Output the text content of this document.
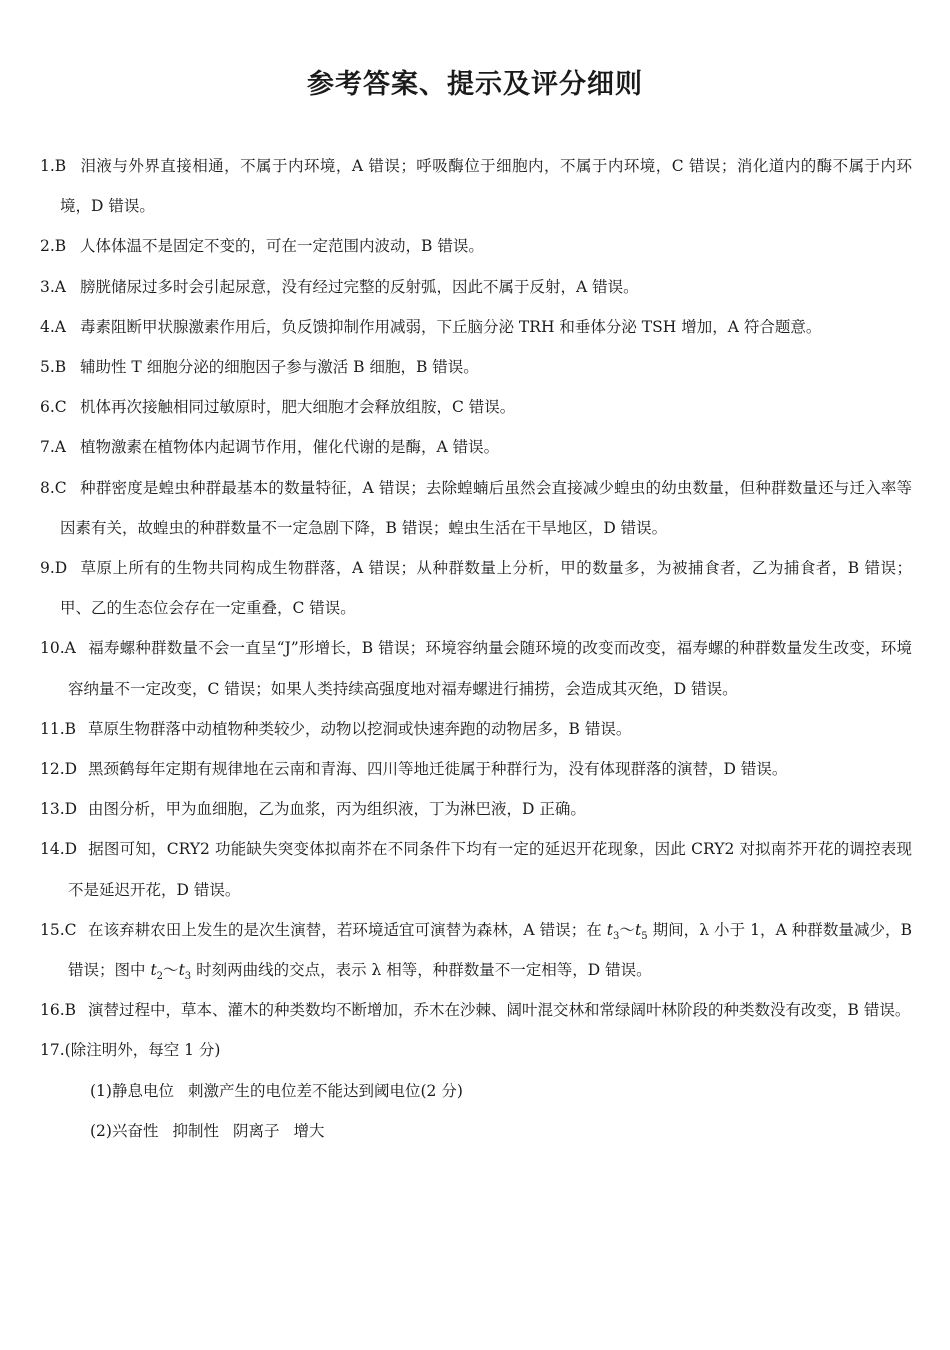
参考答案、提示及评分细则
1.B 泪液与外界直接相通，不属于内环境，A 错误；呼吸酶位于细胞内，不属于内环境，C 错误；消化道内的酶不属于内环境，D 错误。
2.B 人体体温不是固定不变的，可在一定范围内波动，B 错误。
3.A 膀胱储尿过多时会引起尿意，没有经过完整的反射弧，因此不属于反射，A 错误。
4.A 毒素阻断甲状腺激素作用后，负反馈抑制作用减弱，下丘脑分泌 TRH 和垂体分泌 TSH 增加，A 符合题意。
5.B 辅助性 T 细胞分泌的细胞因子参与激活 B 细胞，B 错误。
6.C 机体再次接触相同过敏原时，肥大细胞才会释放组胺，C 错误。
7.A 植物激素在植物体内起调节作用，催化代谢的是酶，A 错误。
8.C 种群密度是蝗虫种群最基本的数量特征，A 错误；去除蝗蝻后虽然会直接减少蝗虫的幼虫数量，但种群数量还与迁入率等因素有关，故蝗虫的种群数量不一定急剧下降，B 错误；蝗虫生活在干旱地区，D 错误。
9.D 草原上所有的生物共同构成生物群落，A 错误；从种群数量上分析，甲的数量多，为被捕食者，乙为捕食者，B 错误；甲、乙的生态位会存在一定重叠，C 错误。
10.A 福寿螺种群数量不会一直呈“J”形增长，B 错误；环境容纳量会随环境的改变而改变，福寿螺的种群数量发生改变，环境容纳量不一定改变，C 错误；如果人类持续高强度地对福寿螺进行捕捞，会造成其灭绝，D 错误。
11.B 草原生物群落中动植物种类较少，动物以挖洞或快速奔跑的动物居多，B 错误。
12.D 黑颈鹤每年定期有规律地在云南和青海、四川等地迁徙属于种群行为，没有体现群落的演替，D 错误。
13.D 由图分析，甲为血细胞，乙为血浆，丙为组织液，丁为淋巴液，D 正确。
14.D 据图可知，CRY2 功能缺失突变体拟南芥在不同条件下均有一定的延迟开花现象，因此 CRY2 对拟南芥开花的调控表现不是延迟开花，D 错误。
15.C 在该弃耕农田上发生的是次生演替，若环境适宜可演替为森林，A 错误；在 $t_3\sim t_5$ 期间，λ 小于 1，A 种群数量减少，B 错误；图中 $t_2\sim t_3$ 时刻两曲线的交点，表示 λ 相等，种群数量不一定相等，D 错误。
16.B 演替过程中，草本、灌木的种类数均不断增加，乔木在沙棘、阔叶混交林和常绿阔叶林阶段的种类数没有改变，B 错误。
17.(除注明外，每空 1 分)
(1)静息电位 刺激产生的电位差不能达到阈电位(2 分)
(2)兴奋性 抑制性 阴离子 增大
